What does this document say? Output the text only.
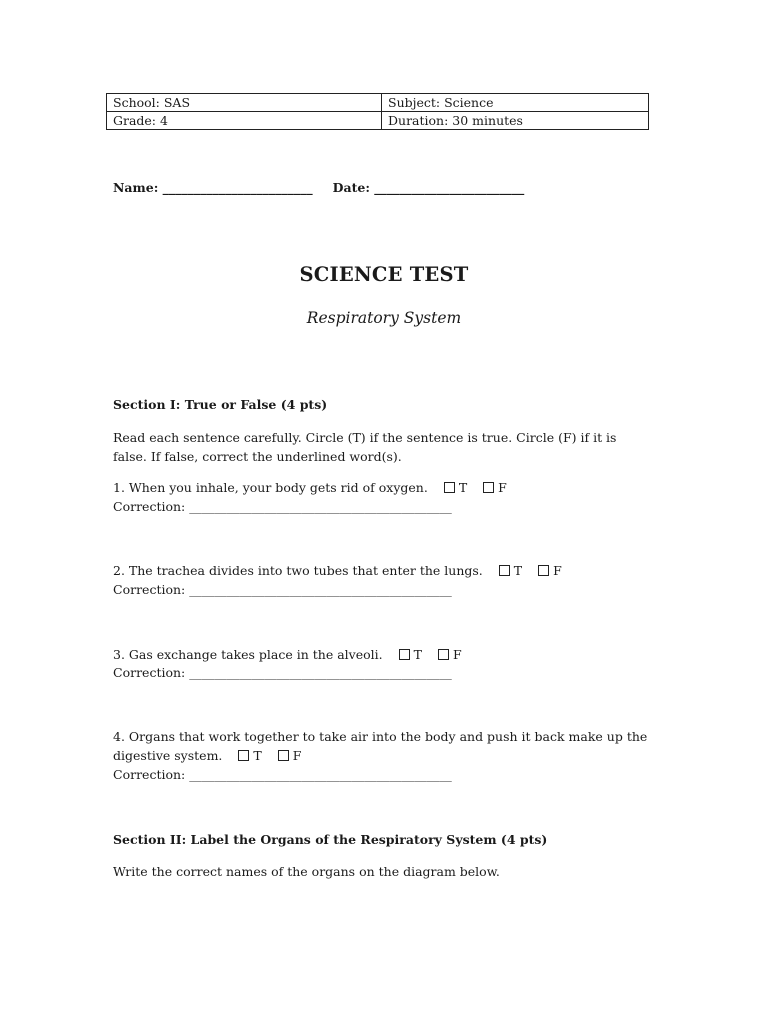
School: SAS	Subject: Science
Grade: 4	Duration: 30 minutes
Name: ________________________ Date: ________________________
SCIENCE TEST
Respiratory System
Section I: True or False (4 pts)
Read each sentence carefully. Circle (T) if the sentence is true. Circle (F) if it is false. If false, correct the underlined word(s).
1. When you inhale, your body gets rid of oxygen. T F
Correction: __________________________________________
2. The trachea divides into two tubes that enter the lungs. T F
Correction: __________________________________________
3. Gas exchange takes place in the alveoli. T F
Correction: __________________________________________
4. Organs that work together to take air into the body and push it back make up the
digestive system. T F
Correction: __________________________________________
Section II: Label the Organs of the Respiratory System (4 pts)
Write the correct names of the organs on the diagram below.
